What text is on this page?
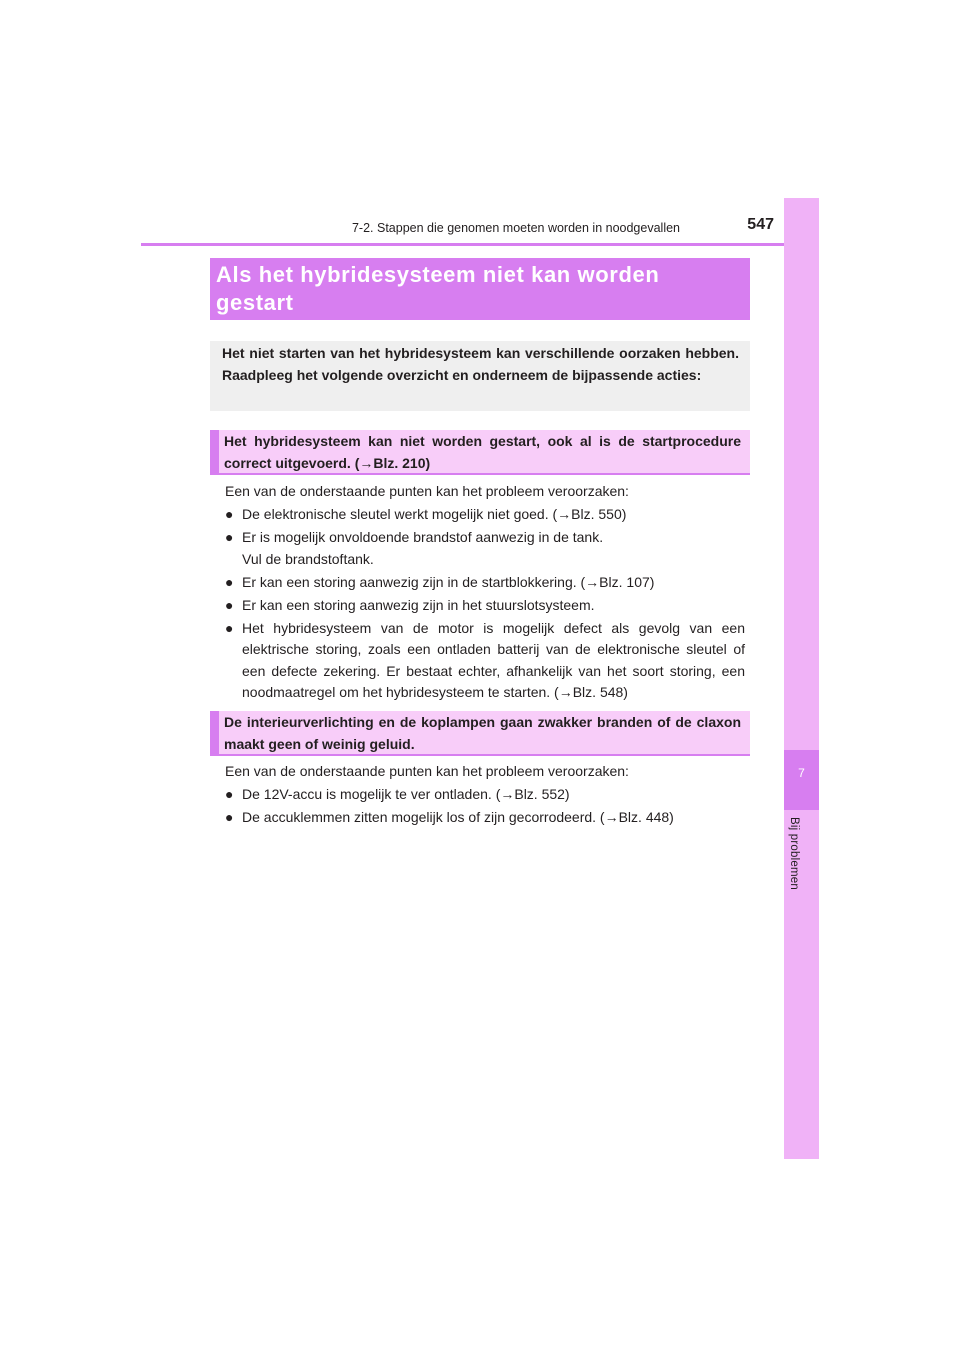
7-2. Stappen die genomen moeten worden in noodgevallen	547
7
Bij problemen
Als het hybridesysteem niet kan worden
gestart
Het niet starten van het hybridesysteem kan verschillende oorzaken hebben. Raadpleeg het volgende overzicht en onderneem de bijpassende acties:
Het hybridesysteem kan niet worden gestart, ook al is de startprocedure correct uitgevoerd. (→Blz. 210)

Een van de onderstaande punten kan het probleem veroorzaken:

● De elektronische sleutel werkt mogelijk niet goed. (→Blz. 550)
● Er is mogelijk onvoldoende brandstof aanwezig in de tank.
Vul de brandstoftank.
● Er kan een storing aanwezig zijn in de startblokkering. (→Blz. 107)
● Er kan een storing aanwezig zijn in het stuurslotsysteem.
● Het hybridesysteem van de motor is mogelijk defect als gevolg van een elektrische storing, zoals een ontladen batterij van de elektronische sleutel of een defecte zekering. Er bestaat echter, afhankelijk van het soort storing, een noodmaatregel om het hybridesysteem te starten. (→Blz. 548)
De interieurverlichting en de koplampen gaan zwakker branden of de claxon maakt geen of weinig geluid.

Een van de onderstaande punten kan het probleem veroorzaken:

● De 12V-accu is mogelijk te ver ontladen. (→Blz. 552)
● De accuklemmen zitten mogelijk los of zijn gecorrodeerd. (→Blz. 448)
